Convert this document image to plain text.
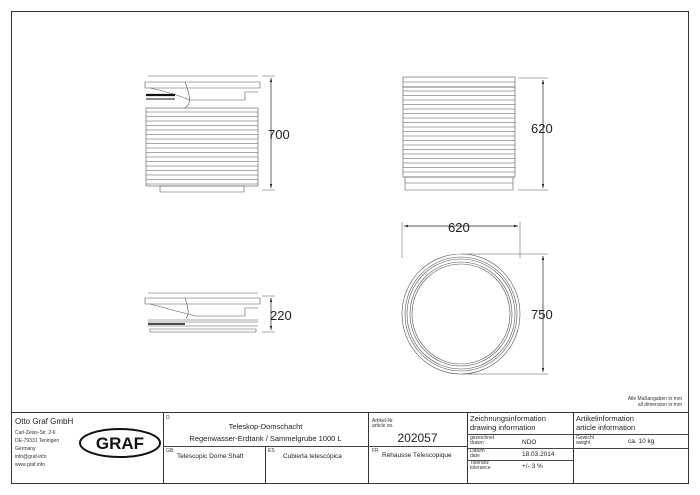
700	620
620
750
220
Alle Maßangaben in mm
all dimension in mm
Otto Graf GmbH
Carl-Zeiss-Str. 2-6
DE-79331 Teningen
Germany
info@graf-info
www.graf.info
GRAF
D
Teleskop-Domschacht
Regenwasser-Erdtank / Sammelgrube 1000 L
GB
Telescopic Dome Shaft
ES
Cubierta telescópica
Artikel-Nr.
article no.
202057
FR
Rehausse Télescopique
Zeichnungsinformation
drawing information
gezeichnet
drawn	NDO
Datum
date	18.03.2014
Toleranz
tolerance	+/- 3 %
Artikelinformation
article information
Gewicht
weight	ca. 10 kg
